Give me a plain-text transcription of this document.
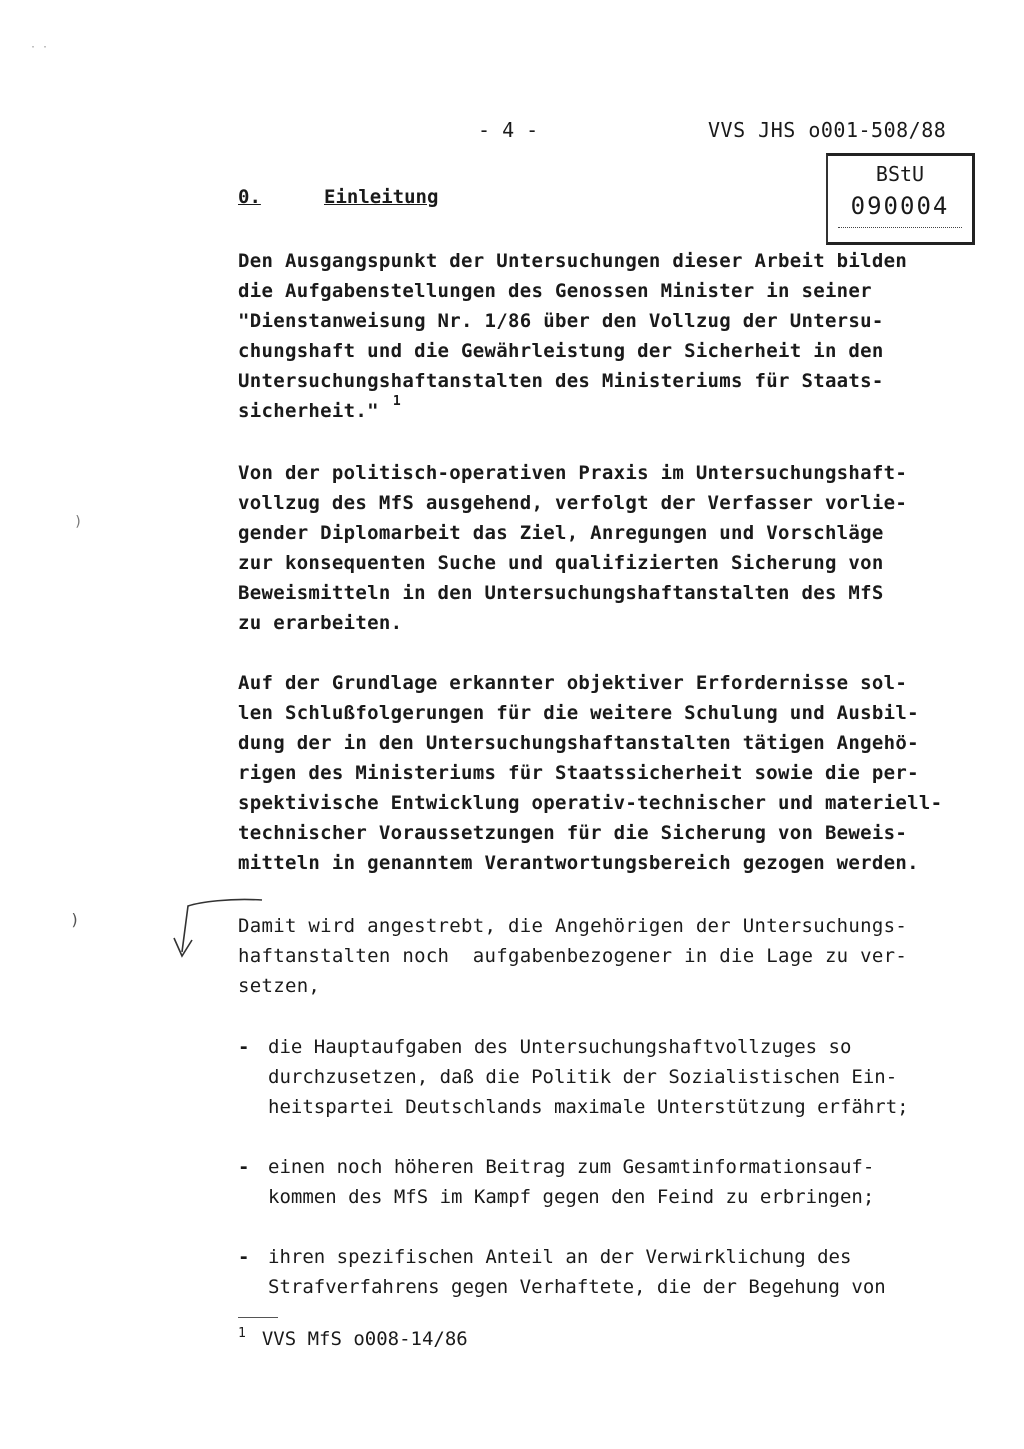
· ·
- 4 -	VVS JHS o001-508/88
BStU
090004
0.	Einleitung

Den Ausgangspunkt der Untersuchungen dieser Arbeit bilden
die Aufgabenstellungen des Genossen Minister in seiner
"Dienstanweisung Nr. 1/86 über den Vollzug der Untersu-
chungshaft und die Gewährleistung der Sicherheit in den
Untersuchungshaftanstalten des Ministeriums für Staats-
sicherheit." $^1$

Von der politisch-operativen Praxis im Untersuchungshaft-
vollzug des MfS ausgehend, verfolgt der Verfasser vorlie-
gender Diplomarbeit das Ziel, Anregungen und Vorschläge
zur konsequenten Suche und qualifizierten Sicherung von
Beweismitteln in den Untersuchungshaftanstalten des MfS
zu erarbeiten.

Auf der Grundlage erkannter objektiver Erfordernisse sol-
len Schlußfolgerungen für die weitere Schulung und Ausbil-
dung der in den Untersuchungshaftanstalten tätigen Angehö-
rigen des Ministeriums für Staatssicherheit sowie die per-
spektivische Entwicklung operativ-technischer und materiell-
technischer Voraussetzungen für die Sicherung von Beweis-
mitteln in genanntem Verantwortungsbereich gezogen werden.

Damit wird angestrebt, die Angehörigen der Untersuchungs-
haftanstalten noch  aufgabenbezogener in die Lage zu ver-
setzen,

)
)
- die Hauptaufgaben des Untersuchungshaftvollzuges so
durchzusetzen, daß die Politik der Sozialistischen Ein-
heitspartei Deutschlands maximale Unterstützung erfährt;
- einen noch höheren Beitrag zum Gesamtinformationsauf-
kommen des MfS im Kampf gegen den Feind zu erbringen;
- ihren spezifischen Anteil an der Verwirklichung des
Strafverfahrens gegen Verhaftete, die der Begehung von
$^1$ VVS MfS o008-14/86
